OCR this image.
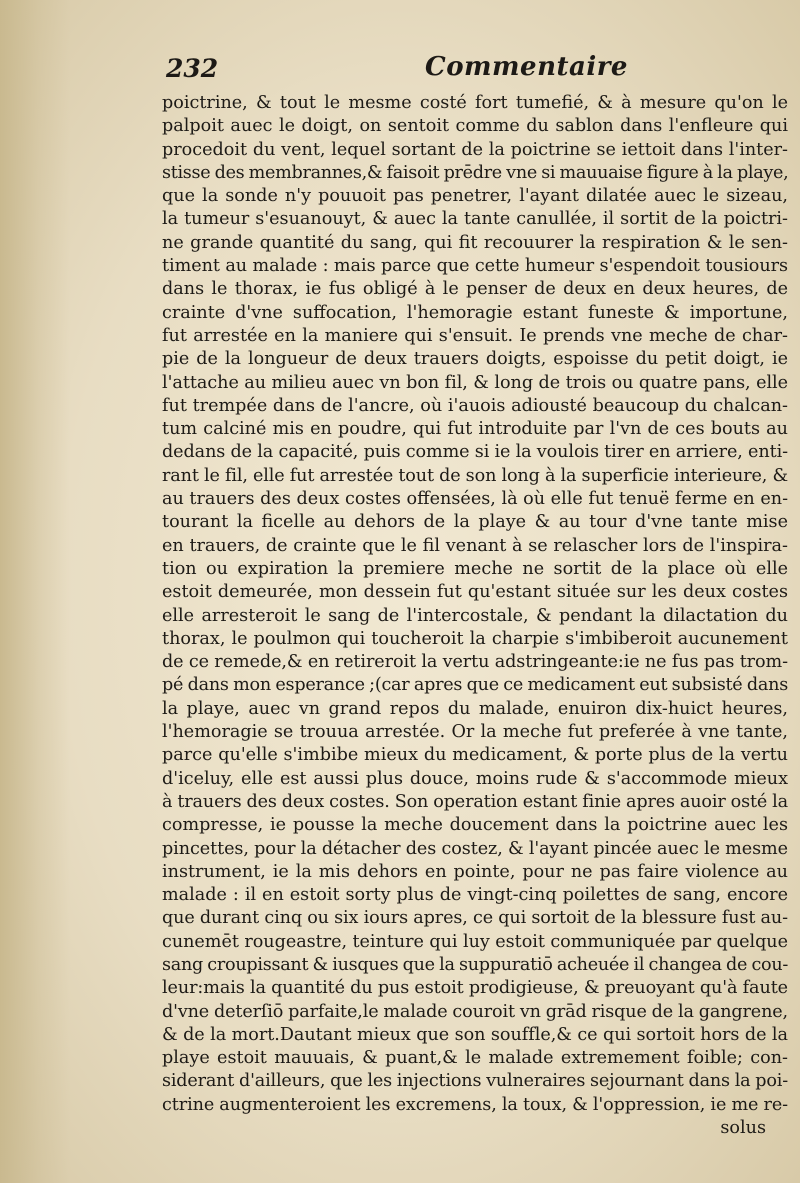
232	Commentaire
poictrine, & tout le mesme costé fort tumefié, & à mesure qu'on le
palpoit auec le doigt, on sentoit comme du sablon dans l'enfleure qui
procedoit du vent, lequel sortant de la poictrine se iettoit dans l'inter-
stisse des membrannes,& faisoit prēdre vne si mauuaise figure à la playe,
que la sonde n'y pouuoit pas penetrer, l'ayant dilatée auec le sizeau,
la tumeur s'esuanouyt, & auec la tante canullée, il sortit de la poictri-
ne grande quantité du sang, qui fit recouurer la respiration & le sen-
timent au malade : mais parce que cette humeur s'espendoit tousiours
dans le thorax, ie fus obligé à le penser de deux en deux heures, de
crainte d'vne suffocation, l'hemoragie estant funeste & importune,
fut arrestée en la maniere qui s'ensuit. Ie prends vne meche de char-
pie de la longueur de deux trauers doigts, espoisse du petit doigt, ie
l'attache au milieu auec vn bon fil, & long de trois ou quatre pans, elle
fut trempée dans de l'ancre, où i'auois adiousté beaucoup du chalcan-
tum calciné mis en poudre, qui fut introduite par l'vn de ces bouts au
dedans de la capacité, puis comme si ie la voulois tirer en arriere, enti-
rant le fil, elle fut arrestée tout de son long à la superficie interieure, &
au trauers des deux costes offensées, là où elle fut tenuë ferme en en-
tourant la ficelle au dehors de la playe & au tour d'vne tante mise
en trauers, de crainte que le fil venant à se relascher lors de l'inspira-
tion ou expiration la premiere meche ne sortit de la place où elle
estoit demeurée, mon dessein fut qu'estant située sur les deux costes
elle arresteroit le sang de l'intercostale, & pendant la dilactation du
thorax, le poulmon qui toucheroit la charpie s'imbiberoit aucunement
de ce remede,& en retireroit la vertu adstringeante:ie ne fus pas trom-
pé dans mon esperance ;(car apres que ce medicament eut subsisté dans
la playe, auec vn grand repos du malade, enuiron dix-huict heures,
l'hemoragie se trouua arrestée. Or la meche fut preferée à vne tante,
parce qu'elle s'imbibe mieux du medicament, & porte plus de la vertu
d'iceluy, elle est aussi plus douce, moins rude & s'accommode mieux
à trauers des deux costes. Son operation estant finie apres auoir osté la
compresse, ie pousse la meche doucement dans la poictrine auec les
pincettes, pour la détacher des costez, & l'ayant pincée auec le mesme
instrument, ie la mis dehors en pointe, pour ne pas faire violence au
malade : il en estoit sorty plus de vingt-cinq poilettes de sang, encore
que durant cinq ou six iours apres, ce qui sortoit de la blessure fust au-
cunemēt rougeastre, teinture qui luy estoit communiquée par quelque
sang croupissant & iusques que la suppuratiō acheuée il changea de cou-
leur:mais la quantité du pus estoit prodigieuse, & preuoyant qu'à faute
d'vne deterſiō parfaite,le malade couroit vn grād risque de la gangrene,
& de la mort.Dautant mieux que son souffle,& ce qui sortoit hors de la
playe estoit mauuais, & puant,& le malade extremement foible; con-
siderant d'ailleurs, que les injections vulneraires sejournant dans la poi-
ctrine augmenteroient les excremens, la toux, & l'oppression, ie me re-
solus
